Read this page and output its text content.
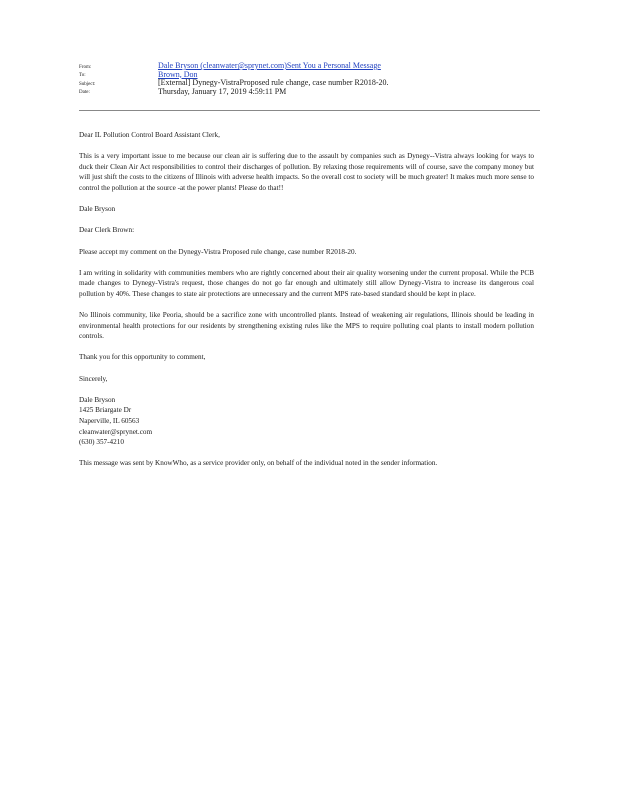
From:	Dale Bryson (cleanwater@sprynet.com)Sent You a Personal Message
To:	Brown, Don
Subject:	[External] Dynegy-VistraProposed rule change, case number R2018-20.
Date:	Thursday, January 17, 2019 4:59:11 PM

Dear IL Pollution Control Board Assistant Clerk,

This is a very important issue to me because our clean air is suffering due to the assault by companies such as Dynegy--Vistra always looking for ways to duck their Clean Air Act responsibilities to control their discharges of pollution. By relaxing those requirements will of course, save the company money but will just shift the costs to the citizens of Illinois with adverse health impacts. So the overall cost to society will be much greater! It makes much more sense to control the pollution at the source -at the power plants! Please do that!!

Dale Bryson

Dear Clerk Brown:

Please accept my comment on the Dynegy-Vistra Proposed rule change, case number R2018-20.

I am writing in solidarity with communities members who are rightly concerned about their air quality worsening under the current proposal. While the PCB made changes to Dynegy-Vistra's request, those changes do not go far enough and ultimately still allow Dynegy-Vistra to increase its dangerous coal pollution by 40%. These changes to state air protections are unnecessary and the current MPS rate-based standard should be kept in place.

No Illinois community, like Peoria, should be a sacrifice zone with uncontrolled plants. Instead of weakening air regulations, Illinois should be leading in environmental health protections for our residents by strengthening existing rules like the MPS to require polluting coal plants to install modern pollution controls.

Thank you for this opportunity to comment,

Sincerely,

Dale Bryson
1425 Briargate Dr
Naperville, IL 60563
cleanwater@sprynet.com
(630) 357-4210

This message was sent by KnowWho, as a service provider only, on behalf of the individual noted in the sender information.
